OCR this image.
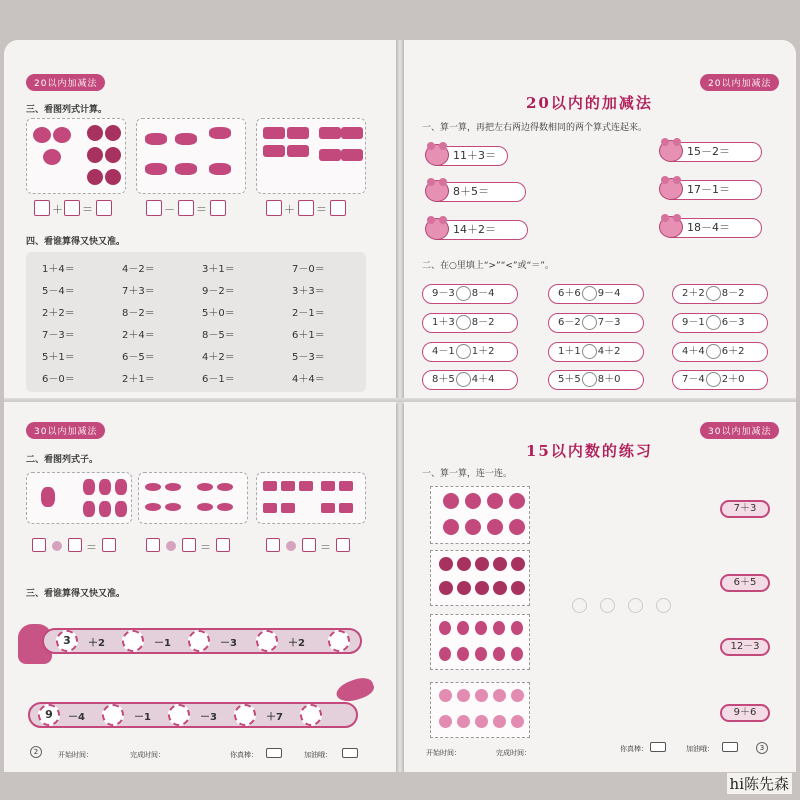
20以内加减法
三、看图列式计算。
＋ ＝	－ ＝	＋ ＝
四、看谁算得又快又准。
1＋4＝	4－2＝	3＋1＝	7－0＝
5－4＝	7＋3＝	9－2＝	3＋3＝
2＋2＝	8－2＝	5＋0＝	2－1＝
7－3＝	2＋4＝	8－5＝	6＋1＝
5＋1＝	6－5＝	4＋2＝	5－3＝
6－0＝	2＋1＝	6－1＝	4＋4＝
20以内加减法
20以内的加减法
一、算一算，再把左右两边得数相同的两个算式连起来。
11＋3＝
8＋5＝
14＋2＝
15－2＝
17－1＝
18－4＝
二、在○里填上“>”“<”或“＝”。
9－3 8－4	6＋6 9－4	2＋2 8－2
1＋3 8－2	6－2 7－3	9－1 6－3
4－1 1＋2	1＋1 4＋2	4＋4 6＋2
8＋5 4＋4	5＋5 8＋0	7－4 2＋0
30以内加减法
二、看图列式子。
＝	＝	＝
三、看谁算得又快又准。
3	＋2	－1	－3	＋2
9	－4	－1	－3	＋7
2	开始时间：	完成时间：	你真棒：	加油哦：
30以内加减法
15以内数的练习
一、算一算，连一连。
7＋3
6＋5
12－3
9＋6
开始时间：	完成时间：	你真棒：	加油哦：	3
hi陈先森
